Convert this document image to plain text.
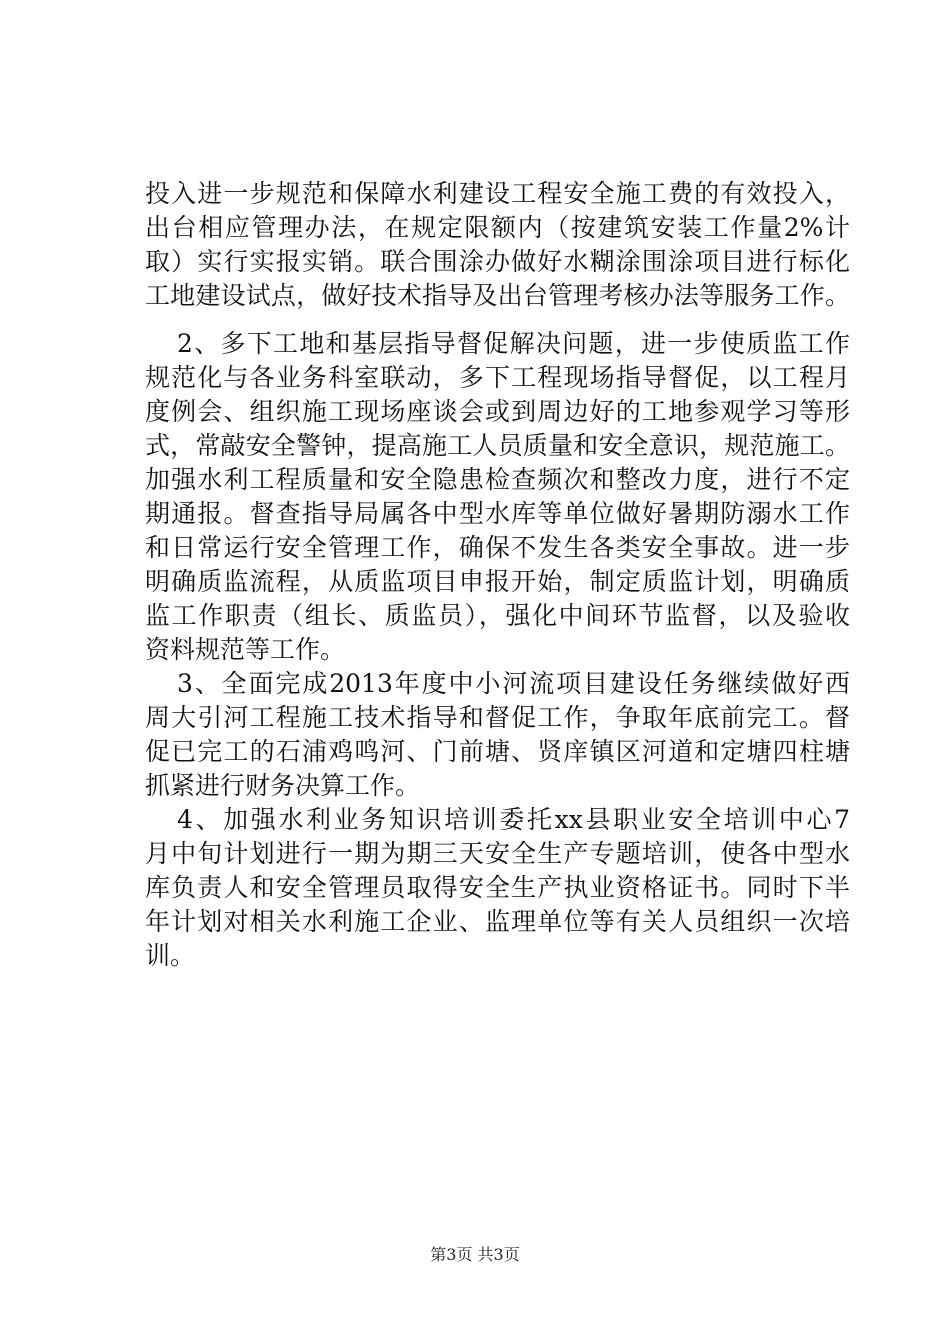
投入进一步规范和保障水利建设工程安全施工费的有效投入，
出台相应管理办法，在规定限额内（按建筑安装工作量2%计
取）实行实报实销。联合围涂办做好水糊涂围涂项目进行标化
工地建设试点，做好技术指导及出台管理考核办法等服务工作。
2、多下工地和基层指导督促解决问题，进一步使质监工作
规范化与各业务科室联动，多下工程现场指导督促，以工程月
度例会、组织施工现场座谈会或到周边好的工地参观学习等形
式，常敲安全警钟，提高施工人员质量和安全意识，规范施工。
加强水利工程质量和安全隐患检查频次和整改力度，进行不定
期通报。督查指导局属各中型水库等单位做好暑期防溺水工作
和日常运行安全管理工作，确保不发生各类安全事故。进一步
明确质监流程，从质监项目申报开始，制定质监计划，明确质
监工作职责（组长、质监员），强化中间环节监督，以及验收
资料规范等工作。
3、全面完成2013年度中小河流项目建设任务继续做好西
周大引河工程施工技术指导和督促工作，争取年底前完工。督
促已完工的石浦鸡鸣河、门前塘、贤庠镇区河道和定塘四柱塘
抓紧进行财务决算工作。
4、加强水利业务知识培训委托xx县职业安全培训中心7
月中旬计划进行一期为期三天安全生产专题培训，使各中型水
库负责人和安全管理员取得安全生产执业资格证书。同时下半
年计划对相关水利施工企业、监理单位等有关人员组织一次培
训。
第3页 共3页
